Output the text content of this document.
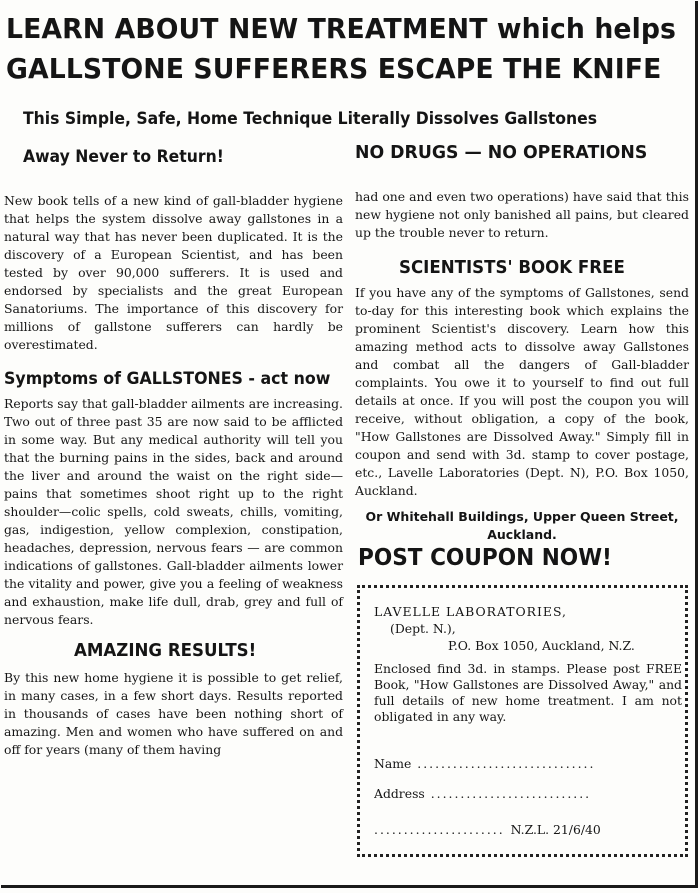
LEARN ABOUT NEW TREATMENT which helps
GALLSTONE SUFFERERS ESCAPE THE KNIFE
This Simple, Safe, Home Technique Literally Dissolves Gallstones
Away Never to Return!	NO DRUGS — NO OPERATIONS

New book tells of a new kind of gall-bladder hygiene that helps the system dissolve away gallstones in a natural way that has never been duplicated. It is the discovery of a European Scientist, and has been tested by over 90,000 sufferers. It is used and endorsed by specialists and the great European Sanatoriums. The importance of this discovery for millions of gallstone sufferers can hardly be overestimated.

Symptoms of GALLSTONES - act now

Reports say that gall-bladder ailments are increasing. Two out of three past 35 are now said to be afflicted in some way. But any medical authority will tell you that the burning pains in the sides, back and around the liver and around the waist on the right side—pains that sometimes shoot right up to the right shoulder—colic spells, cold sweats, chills, vomiting, gas, indigestion, yellow complexion, constipation, headaches, depression, nervous fears — are common indications of gallstones. Gall-bladder ailments lower the vitality and power, give you a feeling of weakness and exhaustion, make life dull, drab, grey and full of nervous fears.

AMAZING RESULTS!

By this new home hygiene it is possible to get relief, in many cases, in a few short days. Results reported in thousands of cases have been nothing short of amazing. Men and women who have suffered on and off for years (many of them having

had one and even two operations) have said that this new hygiene not only banished all pains, but cleared up the trouble never to return.

SCIENTISTS' BOOK FREE

If you have any of the symptoms of Gallstones, send to-day for this interesting book which explains the prominent Scientist's discovery. Learn how this amazing method acts to dissolve away Gallstones and combat all the dangers of Gall-bladder complaints. You owe it to yourself to find out full details at once. If you will post the coupon you will receive, without obligation, a copy of the book, "How Gallstones are Dissolved Away." Simply fill in coupon and send with 3d. stamp to cover postage, etc., Lavelle Laboratories (Dept. N), P.O. Box 1050, Auckland.

Or Whitehall Buildings, Upper Queen Street, Auckland.
POST COUPON NOW!
LAVELLE LABORATORIES,
(Dept. N.),
P.O. Box 1050, Auckland, N.Z.
Enclosed find 3d. in stamps. Please post FREE Book, "How Gallstones are Dissolved Away," and full details of new home treatment. I am not obligated in any way.
Name ..............................
Address ...........................
...................... N.Z.L. 21/6/40
